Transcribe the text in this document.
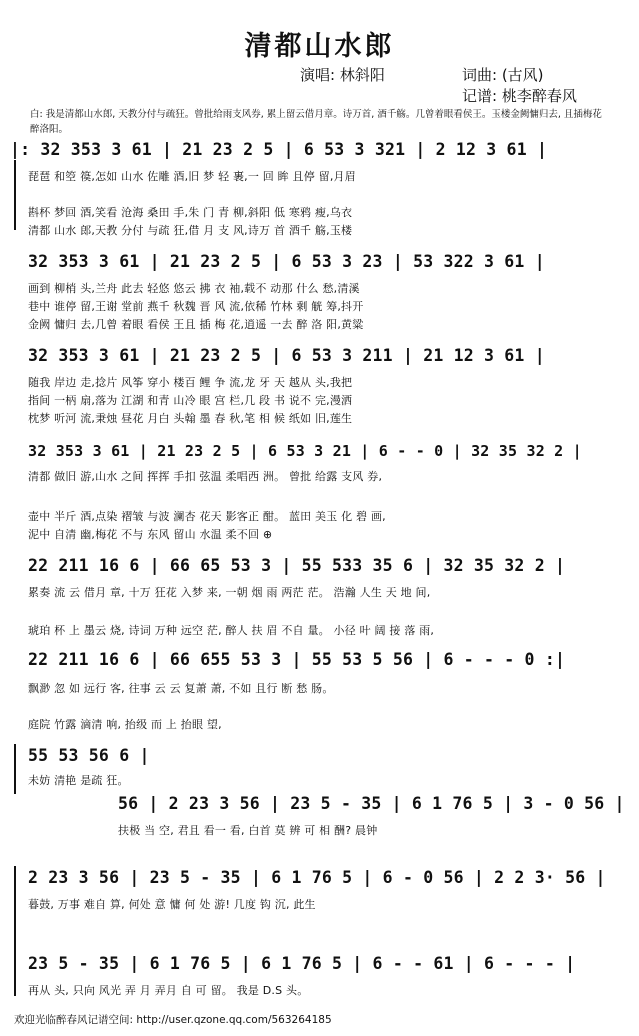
清都山水郎
演唱: 林斜阳	词曲: (古风)
记谱: 桃李醉春风
白: 我是清都山水郎, 天教分付与疏狂。曾批给雨支风券, 累上留云借月章。诗万首, 酒千觞。几曾着眼看侯王。玉楼金阙慵归去, 且插梅花醉洛阳。
|: 32 353 3 61 | 21 23 2 5 | 6 53 3 321 | 2 12 3 61 |
琵琶 和箜 篌,怎如 山水 佐雕 酒,旧 梦 轻 裹,一 回 眸 且停 留,月眉
斟杯 梦回 酒,笑看 沧海 桑田 手,朱 门 青 柳,斜阳 低 寒鸦 瘦,乌衣
清都 山水 郎,天教 分付 与疏 狂,借 月 支 风,诗万 首 酒千 觞,玉楼
32 353 3 61 | 21 23 2 5 | 6 53 3 23 | 53 322 3 61 |
画到 柳梢 头,兰舟 此去 轻悠 悠云 拂 衣 袖,载不 动那 什么 愁,清溪
巷中 谁停 留,王谢 堂前 燕千 秋魏 晋 风 流,依稀 竹林 剩 觥 筹,抖开
金阙 慵归 去,几曾 着眼 看侯 王且 插 梅 花,逍遥 一去 醉 洛 阳,黄粱
32 353 3 61 | 21 23 2 5 | 6 53 3 211 | 21 12 3 61 |
随我 岸边 走,捻片 风筝 穿小 楼百 鲤 争 流,龙 牙 天 越从 头,我把
指间 一柄 扇,落为 江湖 和青 山冷 眼 宫 栏,几 段 书 说不 完,漫洒
枕梦 听河 流,秉烛 昼花 月白 头翰 墨 春 秋,笔 相 候 纸如 旧,莲生
32 353 3 61 | 21 23 2 5 | 6 53 3 21 | 6 - - 0 | 32 35 32 2 |
清都 做旧 游,山水 之间 挥挥 手扣 弦温 柔唱西 洲。 曾批 给露 支风 券,
壶中 半斤 酒,点染 褶皱 与波 澜杏 花天 影客正 酣。 蓝田 美玉 化 碧 画,
泥中 自清 幽,梅花 不与 东风 留山 水温 柔不回 ⊕
22 211 16 6 | 66 65 53 3 | 55 533 35 6 | 32 35 32 2 |
累奏 流 云 借月 章, 十万 狂花 入梦 来, 一朝 烟 雨 两茫 茫。 浩瀚 人生 天 地 间,
琥珀 杯 上 墨云 烧, 诗词 万种 远空 茫, 醉人 扶 眉 不自 量。 小径 叶 阔 接 落 雨,
22 211 16 6 | 66 655 53 3 | 55 53 5 56 | 6 - - - 0 :|
飘渺 忽 如 远行 客, 往事 云 云 复萧 萧, 不如 且行 断 愁 肠。
庭院 竹露 滴清 响, 抬级 而 上 抬眼 望,
55 53 56 6 |
未妨 清艳 是疏 狂。
56 | 2 23 3 56 | 23 5 - 35 | 6 1 76 5 | 3 - 0 56 |
扶极 当 空, 君且 看一 看, 白首 莫 辨 可 相 酬? 晨钟
2 23 3 56 | 23 5 - 35 | 6 1 76 5 | 6 - 0 56 | 2 2 3· 56 |
暮鼓, 万事 难自 算, 何处 意 慵 何 处 游! 几度 钩 沉, 此生
23 5 - 35 | 6 1 76 5 | 6 1 76 5 | 6 - - 61 | 6 - - - |
再从 头, 只向 风光 弄 月 弄月 自 可 留。 我是 D.S 头。
欢迎光临醉春风记谱空间: http://user.qzone.qq.com/563264185
